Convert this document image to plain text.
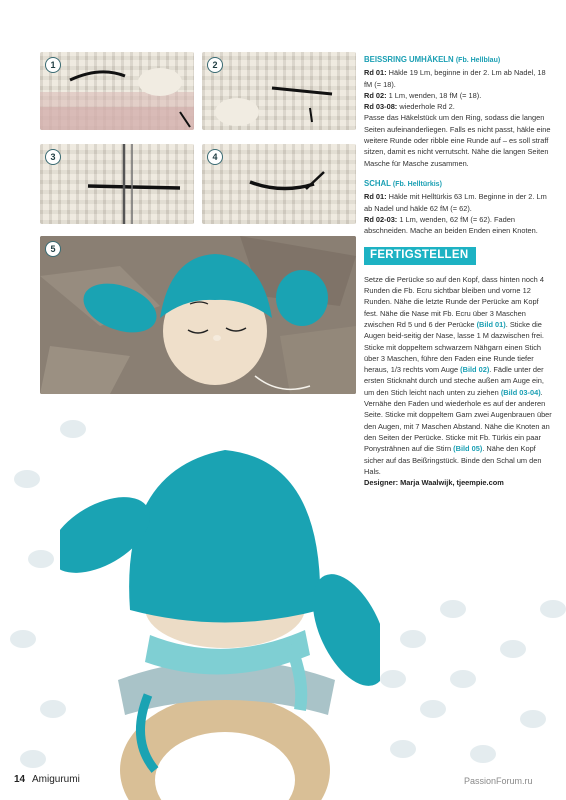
1	2
3	4
5
BEISSRING UMHÄKELN (Fb. Hellblau)

Rd 01: Häkle 19 Lm, beginne in der 2. Lm ab Nadel, 18 fM (= 18).

Rd 02: 1 Lm, wenden, 18 fM (= 18).

Rd 03-08: wiederhole Rd 2.

Passe das Häkelstück um den Ring, sodass die langen Seiten aufeinanderliegen. Falls es nicht passt, häkle eine weitere Runde oder ribble eine Runde auf – es soll straff sitzen, damit es nicht verrutscht. Nähe die langen Seiten Masche für Masche zusammen.

SCHAL (Fb. Helltürkis)

Rd 01: Häkle mit Helltürkis 63 Lm. Beginne in der 2. Lm ab Nadel und häkle 62 fM (= 62).

Rd 02-03: 1 Lm, wenden, 62 fM (= 62). Faden abschneiden. Mache an beiden Enden einen Knoten.

FERTIGSTELLEN

Setze die Perücke so auf den Kopf, dass hinten noch 4 Runden die Fb. Ecru sichtbar bleiben und vorne 12 Runden. Nähe die letzte Runde der Perücke am Kopf fest. Nähe die Nase mit Fb. Ecru über 3 Maschen zwischen Rd 5 und 6 der Perücke (Bild 01). Sticke die Augen beid-seitig der Nase, lasse 1 M dazwischen frei. Sticke mit doppeltem schwarzem Nähgarn einen Stich über 3 Maschen, führe den Faden eine Runde tiefer heraus, 1/3 rechts vom Auge (Bild 02). Fädle unter der ersten Sticknaht durch und steche außen am Auge ein, um den Stich leicht nach unten zu ziehen (Bild 03-04). Vernähe den Faden und wiederhole es auf der anderen Seite. Sticke mit doppeltem Garn zwei Augenbrauen über den Augen, mit 7 Maschen Abstand. Nähe die Knoten an den Seiten der Perücke. Sticke mit Fb. Türkis ein paar Ponysträhnen auf die Stirn (Bild 05). Nähe den Kopf sicher auf das Beißringstück. Binde den Schal um den Hals.

Designer: Marja Waalwijk, tjeempie.com

14 Amigurumi	PassionForum.ru
